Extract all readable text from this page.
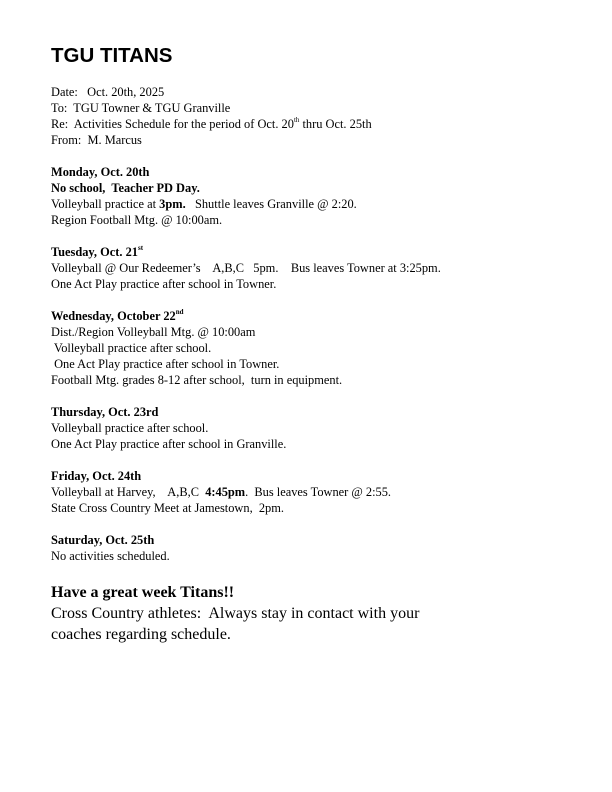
TGU TITANS
Date:   Oct. 20th, 2025
To:  TGU Towner & TGU Granville
Re:  Activities Schedule for the period of Oct. 20th thru Oct. 25th
From:  M. Marcus
Monday, Oct. 20th
No school,  Teacher PD Day.
Volleyball practice at 3pm.   Shuttle leaves Granville @ 2:20.
Region Football Mtg. @ 10:00am.
Tuesday, Oct. 21st
Volleyball @ Our Redeemer’s    A,B,C   5pm.    Bus leaves Towner at 3:25pm.
One Act Play practice after school in Towner.
Wednesday, October 22nd
Dist./Region Volleyball Mtg. @ 10:00am
Volleyball practice after school.
One Act Play practice after school in Towner.
Football Mtg. grades 8-12 after school,  turn in equipment.
Thursday, Oct. 23rd
Volleyball practice after school.
One Act Play practice after school in Granville.
Friday, Oct. 24th
Volleyball at Harvey,    A,B,C  4:45pm.  Bus leaves Towner @ 2:55.
State Cross Country Meet at Jamestown,  2pm.
Saturday, Oct. 25th
No activities scheduled.
Have a great week Titans!!
Cross Country athletes:  Always stay in contact with your
coaches regarding schedule.
